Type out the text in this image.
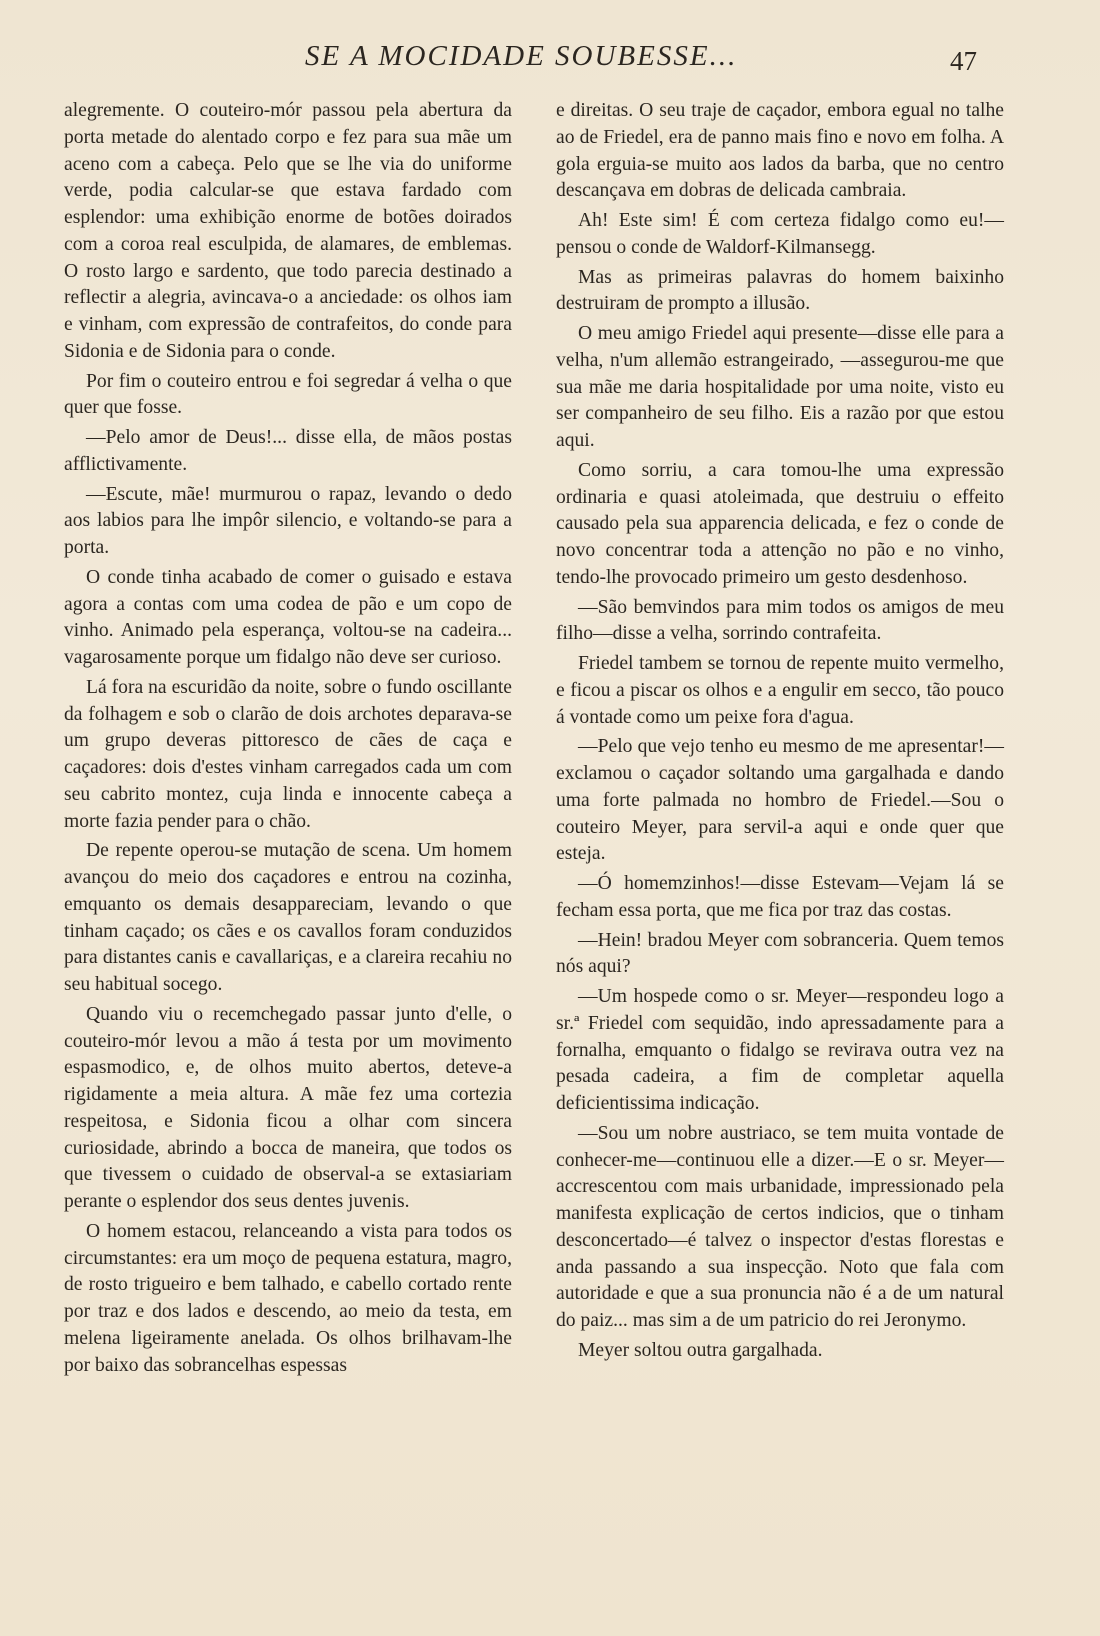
SE A MOCIDADE SOUBESSE...	47

alegremente. O couteiro-mór passou pela abertura da porta metade do alentado corpo e fez para sua mãe um aceno com a cabeça. Pelo que se lhe via do uniforme verde, podia calcular-se que estava fardado com esplendor: uma exhibição enorme de botões doirados com a coroa real esculpida, de alamares, de emblemas. O rosto largo e sardento, que todo parecia destinado a reflectir a alegria, avincava-o a anciedade: os olhos iam e vinham, com expressão de contrafeitos, do conde para Sidonia e de Sidonia para o conde.

Por fim o couteiro entrou e foi segredar á velha o que quer que fosse.

—Pelo amor de Deus!... disse ella, de mãos postas afflictivamente.

—Escute, mãe! murmurou o rapaz, levando o dedo aos labios para lhe impôr silencio, e voltando-se para a porta.

O conde tinha acabado de comer o guisado e estava agora a contas com uma codea de pão e um copo de vinho. Animado pela esperança, voltou-se na cadeira... vagarosamente porque um fidalgo não deve ser curioso.

Lá fora na escuridão da noite, sobre o fundo oscillante da folhagem e sob o clarão de dois archotes deparava-se um grupo deveras pittoresco de cães de caça e caçadores: dois d'estes vinham carregados cada um com seu cabrito montez, cuja linda e innocente cabeça a morte fazia pender para o chão.

De repente operou-se mutação de scena. Um homem avançou do meio dos caçadores e entrou na cozinha, emquanto os demais desappareciam, levando o que tinham caçado; os cães e os cavallos foram conduzidos para distantes canis e cavallariças, e a clareira recahiu no seu habitual socego.

Quando viu o recemchegado passar junto d'elle, o couteiro-mór levou a mão á testa por um movimento espasmodico, e, de olhos muito abertos, deteve-a rigidamente a meia altura. A mãe fez uma cortezia respeitosa, e Sidonia ficou a olhar com sincera curiosidade, abrindo a bocca de maneira, que todos os que tivessem o cuidado de observal-a se extasiariam perante o esplendor dos seus dentes juvenis.

O homem estacou, relanceando a vista para todos os circumstantes: era um moço de pequena estatura, magro, de rosto trigueiro e bem talhado, e cabello cortado rente por traz e dos lados e descendo, ao meio da testa, em melena ligeiramente anelada. Os olhos brilhavam-lhe por baixo das sobrancelhas espessas

e direitas. O seu traje de caçador, embora egual no talhe ao de Friedel, era de panno mais fino e novo em folha. A gola erguia-se muito aos lados da barba, que no centro descançava em dobras de delicada cambraia.

Ah! Este sim! É com certeza fidalgo como eu!—pensou o conde de Waldorf-Kilmansegg.

Mas as primeiras palavras do homem baixinho destruiram de prompto a illusão.

O meu amigo Friedel aqui presente—disse elle para a velha, n'um allemão estrangeirado, —assegurou-me que sua mãe me daria hospitalidade por uma noite, visto eu ser companheiro de seu filho. Eis a razão por que estou aqui.

Como sorriu, a cara tomou-lhe uma expressão ordinaria e quasi atoleimada, que destruiu o effeito causado pela sua apparencia delicada, e fez o conde de novo concentrar toda a attenção no pão e no vinho, tendo-lhe provocado primeiro um gesto desdenhoso.

—São bemvindos para mim todos os amigos de meu filho—disse a velha, sorrindo contrafeita.

Friedel tambem se tornou de repente muito vermelho, e ficou a piscar os olhos e a engulir em secco, tão pouco á vontade como um peixe fora d'agua.

—Pelo que vejo tenho eu mesmo de me apresentar!—exclamou o caçador soltando uma gargalhada e dando uma forte palmada no hombro de Friedel.—Sou o couteiro Meyer, para servil-a aqui e onde quer que esteja.

—Ó homemzinhos!—disse Estevam—Vejam lá se fecham essa porta, que me fica por traz das costas.

—Hein! bradou Meyer com sobranceria. Quem temos nós aqui?

—Um hospede como o sr. Meyer—respondeu logo a sr.ª Friedel com sequidão, indo apressadamente para a fornalha, emquanto o fidalgo se revirava outra vez na pesada cadeira, a fim de completar aquella deficientissima indicação.

—Sou um nobre austriaco, se tem muita vontade de conhecer-me—continuou elle a dizer.—E o sr. Meyer—accrescentou com mais urbanidade, impressionado pela manifesta explicação de certos indicios, que o tinham desconcertado—é talvez o inspector d'estas florestas e anda passando a sua inspecção. Noto que fala com autoridade e que a sua pronuncia não é a de um natural do paiz... mas sim a de um patricio do rei Jeronymo.

Meyer soltou outra gargalhada.
